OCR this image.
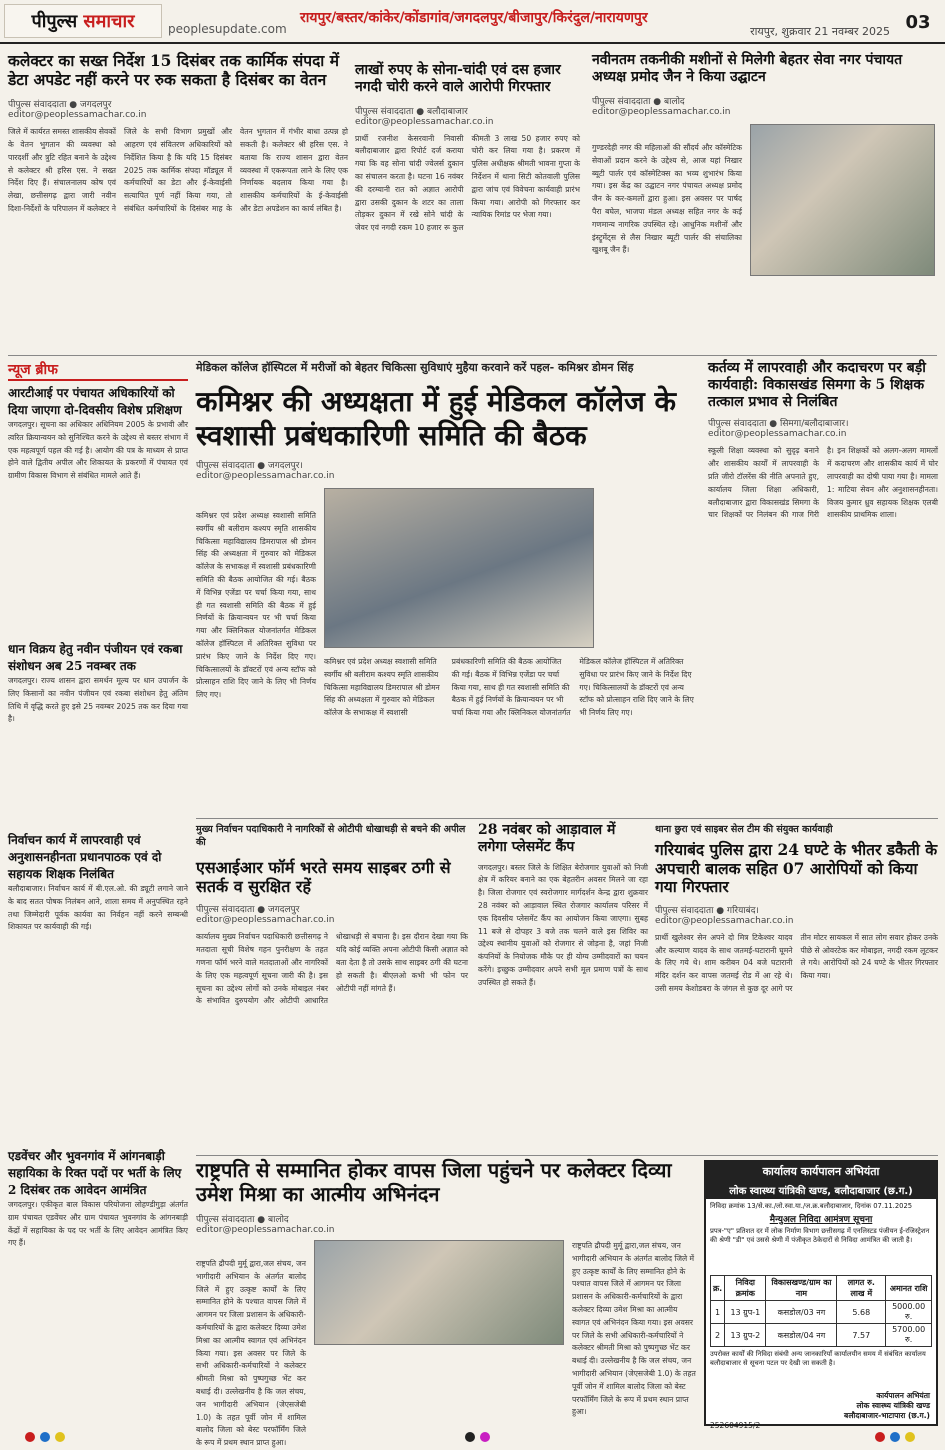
पीपुल्स समाचार	peoplesupdate.com
रायपुर/बस्तर/कांकेर/कोंडागांव/जगदलपुर/बीजापुर/किरंदुल/नारायणपुर
रायपुर, शुक्रवार 21 नवम्बर 2025 03
कलेक्टर का सख्त निर्देश 15 दिसंबर तक कार्मिक संपदा में डेटा अपडेट नहीं करने पर रुक सकता है दिसंबर का वेतन
पीपुल्स संवाददाता ● जगदलपुर
editor@peoplessamachar.co.in
जिले में कार्यरत समस्त शासकीय सेवकों के वेतन भुगतान की व्यवस्था को पारदर्शी और त्रुटि रहित बनाने के उद्देश्य से कलेक्टर श्री हरिस एस. ने सख्त निर्देश दिए हैं। संचालनालय कोष एवं लेखा, छत्तीसगढ़ द्वारा जारी नवीन दिशा-निर्देशों के परिपालन में कलेक्टर ने जिले के सभी विभाग प्रमुखों और आहरण एवं संवितरण अधिकारियों को निर्देशित किया है कि यदि 15 दिसंबर 2025 तक कार्मिक संपदा मॉड्यूल में कर्मचारियों का डेटा और ई-केवाईसी सत्यापित पूर्ण नहीं किया गया, तो संबंधित कर्मचारियों के दिसंबर माह के वेतन भुगतान में गंभीर बाधा उत्पन्न हो सकती है। कलेक्टर श्री हरिस एस. ने बताया कि राज्य शासन द्वारा वेतन व्यवस्था में एकरूपता लाने के लिए एक निर्णायक बदलाव किया गया है। शासकीय कर्मचारियों के ई-केवाईसी और डेटा अपडेशन का कार्य लंबित है।
लाखों रुपए के सोना-चांदी एवं दस हजार नगदी चोरी करने वाले आरोपी गिरफ्तार
पीपुल्स संवाददाता ● बलौदाबाजार
editor@peoplessamachar.co.in
प्रार्थी रजनीश केसरवानी निवासी बलौदाबाजार द्वारा रिपोर्ट दर्ज कराया गया कि वह सोना चांदी ज्वेलर्स दुकान का संचालन करता है। घटना 16 नवंबर की दरम्यानी रात को अज्ञात आरोपी द्वारा उसकी दुकान के शटर का ताला तोड़कर दुकान में रखे सोने चांदी के जेवर एवं नगदी रकम 10 हजार रू कुल कीमती 3 लाख 50 हजार रुपए को चोरी कर लिया गया है। प्रकरण में पुलिस अधीक्षक श्रीमती भावना गुप्ता के निर्देशन में थाना सिटी कोतवाली पुलिस द्वारा जांच एवं विवेचना कार्यवाही प्रारंभ किया गया। आरोपी को गिरफ्तार कर न्यायिक रिमांड पर भेजा गया।
नवीनतम तकनीकी मशीनों से मिलेगी बेहतर सेवा नगर पंचायत अध्यक्ष प्रमोद जैन ने किया उद्घाटन
पीपुल्स संवाददाता ● बालोद
editor@peoplessamachar.co.in
गुण्डरदेही नगर की महिलाओं की सौंदर्य और कॉस्मेटिक सेवाओं प्रदान करने के उद्देश्य से, आज यहां निखार ब्यूटी पार्लर एवं कॉस्मेटिक्स का भव्य शुभारंभ किया गया। इस केंद्र का उद्घाटन नगर पंचायत अध्यक्ष प्रमोद जैन के कर-कमलों द्वारा हुआ। इस अवसर पर पार्षद पैरा बघेल, भाजपा मंडल अध्यक्ष सहित नगर के कई गणमान्य नागरिक उपस्थित रहे। आधुनिक मशीनों और इंस्ट्रूमेंट्स से लैस निखार ब्यूटी पार्लर की संचालिका खुशबू जैन हैं।
न्यूज ब्रीफ
आरटीआई पर पंचायत अधिकारियों को दिया जाएगा दो-दिवसीय विशेष प्रशिक्षण
जगदलपुर। सूचना का अधिकार अधिनियम 2005 के प्रभावी और त्वरित क्रियान्वयन को सुनिश्चित करने के उद्देश्य से बस्तर संभाग में एक महत्वपूर्ण पहल की गई है। आयोग की पत्र के माध्यम से प्राप्त होने वाले द्वितीय अपील और शिकायत के प्रकरणों में पंचायत एवं ग्रामीण विकास विभाग से संबंधित मामले आते हैं।
धान विक्रय हेतु नवीन पंजीयन एवं रकबा संशोधन अब 25 नवम्बर तक
जगदलपुर। राज्य शासन द्वारा समर्थन मूल्य पर धान उपार्जन के लिए किसानों का नवीन पंजीयन एवं रकबा संशोधन हेतु अंतिम तिथि में वृद्धि करते हुए इसे 25 नवम्बर 2025 तक कर दिया गया है।
निर्वाचन कार्य में लापरवाही एवं अनुशासनहीनता प्रधानपाठक एवं दो सहायक शिक्षक निलंबित
बलौदाबाजार। निर्वाचन कार्य में बी.एल.ओ. की ड्यूटी लगाने जाने के बाद सतत पोषक निलंबन आने, शाला समय में अनुपस्थित रहने तथा जिम्मेदारी पूर्वक कार्यवा का निर्वहन नहीं करने सम्बन्धी शिकायत पर कार्यवाही की गई।
एडवेंचर और भुवनगांव में आंगनबाड़ी सहायिका के रिक्त पदों पर भर्ती के लिए 2 दिसंबर तक आवेदन आमंत्रित
जगदलपुर। एकीकृत बाल विकास परियोजना लोहण्डीगुड़ा अंतर्गत ग्राम पंचायत एडवेंचर और ग्राम पंचायत भुवनगांव के आंगनबाड़ी केंद्रों में सहायिका के पद पर भर्ती के लिए आवेदन आमंत्रित किए गए हैं।
मेडिकल कॉलेज हॉस्पिटल में मरीजों को बेहतर चिकित्सा सुविधाएं मुहैया करवाने करें पहल- कमिश्नर डोमन सिंह
कमिश्नर की अध्यक्षता में हुई मेडिकल कॉलेज के स्वशासी प्रबंधकारिणी समिति की बैठक
पीपुल्स संवाददाता ● जगदलपुर।
editor@peoplessamachar.co.in
कमिश्नर एवं प्रदेश अध्यक्ष स्वशासी समिति स्वर्गीय श्री बलीराम कश्यप स्मृति शासकीय चिकित्सा महाविद्यालय डिमरापाल श्री डोमन सिंह की अध्यक्षता में गुरुवार को मेडिकल कॉलेज के सभाकक्ष में स्वशासी प्रबंधकारिणी समिति की बैठक आयोजित की गई। बैठक में विभिन्न एजेंडा पर चर्चा किया गया, साथ ही गत स्वशासी समिति की बैठक में हुई निर्णयों के क्रियान्वयन पर भी चर्चा किया गया और क्लिनिकल योजनांतर्गत मेडिकल कॉलेज हॉस्पिटल में अतिरिक्त सुविधा पर प्रारंभ किए जाने के निर्देश दिए गए। चिकित्सालयों के डॉक्टरों एवं अन्य स्टॉफ को प्रोत्साहन राशि दिए जाने के लिए भी निर्णय लिए गए।
कमिश्नर एवं प्रदेश अध्यक्ष स्वशासी समिति स्वर्गीय श्री बलीराम कश्यप स्मृति शासकीय चिकित्सा महाविद्यालय डिमरापाल श्री डोमन सिंह की अध्यक्षता में गुरुवार को मेडिकल कॉलेज के सभाकक्ष में स्वशासी प्रबंधकारिणी समिति की बैठक आयोजित की गई। बैठक में विभिन्न एजेंडा पर चर्चा किया गया, साथ ही गत स्वशासी समिति की बैठक में हुई निर्णयों के क्रियान्वयन पर भी चर्चा किया गया और क्लिनिकल योजनांतर्गत मेडिकल कॉलेज हॉस्पिटल में अतिरिक्त सुविधा पर प्रारंभ किए जाने के निर्देश दिए गए। चिकित्सालयों के डॉक्टरों एवं अन्य स्टॉफ को प्रोत्साहन राशि दिए जाने के लिए भी निर्णय लिए गए।
कर्तव्य में लापरवाही और कदाचरण पर बड़ी कार्यवाही: विकासखंड सिमगा के 5 शिक्षक तत्काल प्रभाव से निलंबित
पीपुल्स संवाददाता ● सिमगा/बलौदाबाजार।
editor@peoplessamachar.co.in
स्कूली शिक्षा व्यवस्था को सुदृढ़ बनाने और शासकीय कार्यों में लापरवाही के प्रति जीरो टॉलरेंस की नीति अपनाते हुए, कार्यालय जिला शिक्षा अधिकारी, बलौदाबाजार द्वारा विकासखंड सिमगा के चार शिक्षकों पर निलंबन की गाज गिरी है। इन शिक्षकों को अलग-अलग मामलों में कदाचरण और शासकीय कार्य में घोर लापरवाही का दोषी पाया गया है। मामला 1: माटिया सेवन और अनुशासनहीनता। विजय कुमार ध्रुव सहायक शिक्षक एलबी शासकीय प्राथमिक शाला।
मुख्य निर्वाचन पदाधिकारी ने नागरिकों से ओटीपी धोखाधड़ी से बचने की अपील की
एसआईआर फॉर्म भरते समय साइबर ठगी से सतर्क व सुरक्षित रहें
पीपुल्स संवाददाता ● जगदलपुर
editor@peoplessamachar.co.in
कार्यालय मुख्य निर्वाचन पदाधिकारी छत्तीसगढ़ ने मतदाता सूची विशेष गहन पुनरीक्षण के तहत गणना फॉर्म भरने वाले मतदाताओं और नागरिकों के लिए एक महत्वपूर्ण सूचना जारी की है। इस सूचना का उद्देश्य लोगों को उनके मोबाइल नंबर के संभावित दुरुपयोग और ओटीपी आधारित धोखाधड़ी से बचाना है। इस दौरान देखा गया कि यदि कोई व्यक्ति अपना ओटीपी किसी अज्ञात को बता देता है तो उसके साथ साइबर ठगी की घटना हो सकती है। बीएलओ कभी भी फोन पर ओटीपी नहीं मांगते हैं।
28 नवंबर को आड़ावाल में लगेगा प्लेसमेंट कैंप
जगदलपुर। बस्तर जिले के शिक्षित बेरोजगार युवाओं को निजी क्षेत्र में करियर बनाने का एक बेहतरीन अवसर मिलने जा रहा है। जिला रोजगार एवं स्वरोजगार मार्गदर्शन केन्द्र द्वारा शुक्रवार 28 नवंबर को आड़ावाल स्थित रोजगार कार्यालय परिसर में एक दिवसीय प्लेसमेंट कैंप का आयोजन किया जाएगा। सुबह 11 बजे से दोपहर 3 बजे तक चलने वाले इस शिविर का उद्देश्य स्थानीय युवाओं को रोजगार से जोड़ना है, जहां निजी कंपनियों के नियोजक मौके पर ही योग्य उम्मीदवारों का चयन करेंगे। इच्छुक उम्मीदवार अपने सभी मूल प्रमाण पत्रों के साथ उपस्थित हो सकते हैं।
थाना छुरा एवं साइबर सेल टीम की संयुक्त कार्यवाही
गरियाबंद पुलिस द्वारा 24 घण्टे के भीतर डकैती के अपचारी बालक सहित 07 आरोपियों को किया गया गिरफ्तार
पीपुल्स संवाददाता ● गरियाबंद।
editor@peoplessamachar.co.in
प्रार्थी खुलेश्वर सेन अपने दो मित्र टिकेश्वर यादव और कल्याण यादव के साथ जतमई-घटारानी घूमने के लिए गये थे। शाम करीबन 04 बजे घटारानी मंदिर दर्शन कर वापस जतमई रोड में आ रहे थे। उसी समय केशोडबरा के जंगल से कुछ दूर आगे पर तीन मोटर सायकल में सात लोग सवार होकर उनके पीछे से ओवरटेक कर मोबाइल, नगदी रकम लूटकर ले गये। आरोपियों को 24 घण्टे के भीतर गिरफ्तार किया गया।
राष्ट्रपति से सम्मानित होकर वापस जिला पहुंचने पर कलेक्टर दिव्या उमेश मिश्रा का आत्मीय अभिनंदन
पीपुल्स संवाददाता ● बालोद
editor@peoplessamachar.co.in
राष्ट्रपति द्रौपदी मुर्मू द्वारा,जल संचय, जन भागीदारी अभियान के अंतर्गत बालोद जिले में हुए उत्कृष्ट कार्यों के लिए सम्मानित होने के पश्चात वापस जिले में आगमन पर जिला प्रशासन के अधिकारी-कर्मचारियों के द्वारा कलेक्टर दिव्या उमेश मिश्रा का आत्मीय स्वागत एवं अभिनंदन किया गया। इस अवसर पर जिले के सभी अधिकारी-कर्मचारियों ने कलेक्टर श्रीमती मिश्रा को पुष्पगुच्छ भेंट कर बधाई दी। उल्लेखनीय है कि जल संचय, जन भागीदारी अभियान (जेएसजेबी 1.0) के तहत पूर्वी जोन में शामिल बालोद जिला को बेस्ट परफॉर्मिंग जिले के रूप में प्रथम स्थान प्राप्त हुआ।
राष्ट्रपति द्रौपदी मुर्मू द्वारा,जल संचय, जन भागीदारी अभियान के अंतर्गत बालोद जिले में हुए उत्कृष्ट कार्यों के लिए सम्मानित होने के पश्चात वापस जिले में आगमन पर जिला प्रशासन के अधिकारी-कर्मचारियों के द्वारा कलेक्टर दिव्या उमेश मिश्रा का आत्मीय स्वागत एवं अभिनंदन किया गया। इस अवसर पर जिले के सभी अधिकारी-कर्मचारियों ने कलेक्टर श्रीमती मिश्रा को पुष्पगुच्छ भेंट कर बधाई दी। उल्लेखनीय है कि जल संचय, जन भागीदारी अभियान (जेएसजेबी 1.0) के तहत पूर्वी जोन में शामिल बालोद जिला को बेस्ट परफॉर्मिंग जिले के रूप में प्रथम स्थान प्राप्त हुआ।
कार्यालय कार्यपालन अभियंता
लोक स्वास्थ्य यांत्रिकी खण्ड, बलौदाबाजार (छ.ग.)
निविदा क्रमांक 13/से.का./लो.स्वा.या./ज.क्र.बलौदाबाजार, दिनांक 07.11.2025
मैन्युअल निविदा आमंत्रण सूचना
प्रपत्र-"ए" प्रतिशत दर में लोक निर्माण विभाग छत्तीसगढ़ में एनलिस्टड पंजीयन ई-रजिस्ट्रेशन की श्रेणी "डी" एवं उससे श्रेणी में पंजीकृत ठेकेदारों से निविदा आमंत्रित की जाती है।
क्र.	निविदा क्रमांक	विकासखण्ड/ग्राम का नाम	लागत रु. लाख में	अमानत राशि
1	13 ग्रुप-1	कसडोल/03 नग	5.68	5000.00 रु.
2	13 ग्रुप-2	कसडोल/04 नग	7.57	5700.00 रु.
उपरोक्त कार्यों की निविदा संबंधी अन्य जानकारियाँ कार्यालयीन समय में संबंधित कार्यालय बलौदाबाजार से सूचना पटल पर देखी जा सकती है।
कार्यपालन अभियंता
लोक स्वास्थ्य यांत्रिकी खण्ड
बलौदाबाजार-भाटापारा (छ.ग.)
252604915/2
